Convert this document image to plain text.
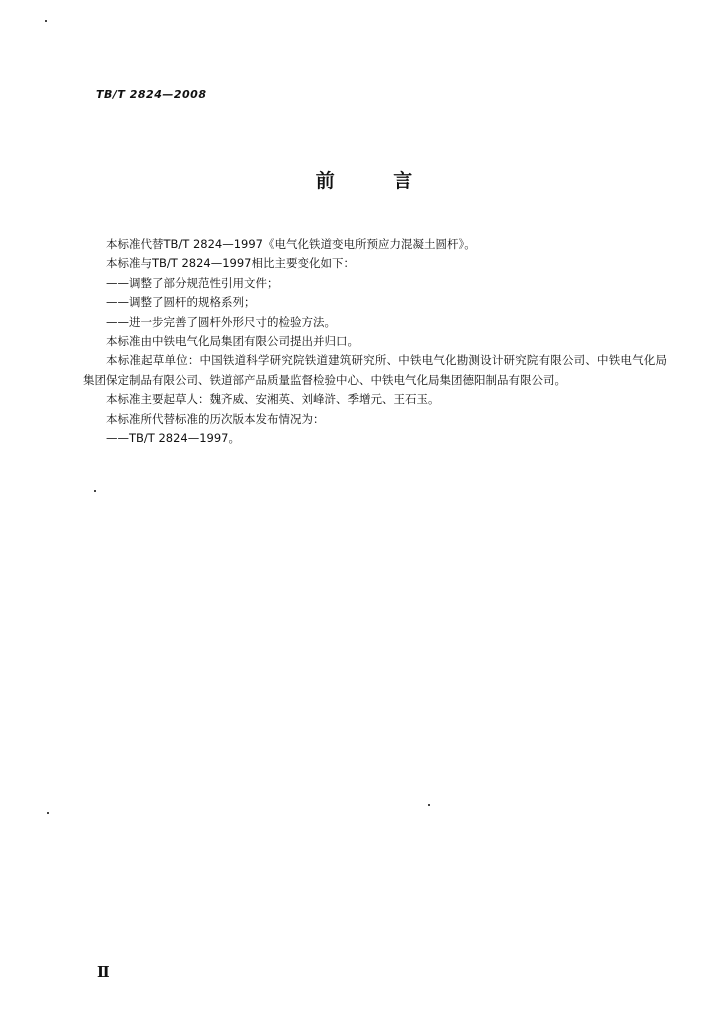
TB/T 2824—2008
前 言

本标准代替TB/T 2824—1997《电气化铁道变电所预应力混凝土圆杆》。

本标准与TB/T 2824—1997相比主要变化如下：

——调整了部分规范性引用文件；

——调整了圆杆的规格系列；

——进一步完善了圆杆外形尺寸的检验方法。

本标准由中铁电气化局集团有限公司提出并归口。

本标准起草单位：中国铁道科学研究院铁道建筑研究所、中铁电气化勘测设计研究院有限公司、中铁电气化局集团保定制品有限公司、铁道部产品质量监督检验中心、中铁电气化局集团德阳制品有限公司。

本标准主要起草人：魏齐威、安湘英、刘峰浒、季增元、王石玉。

本标准所代替标准的历次版本发布情况为：

——TB/T 2824—1997。

Ⅱ
